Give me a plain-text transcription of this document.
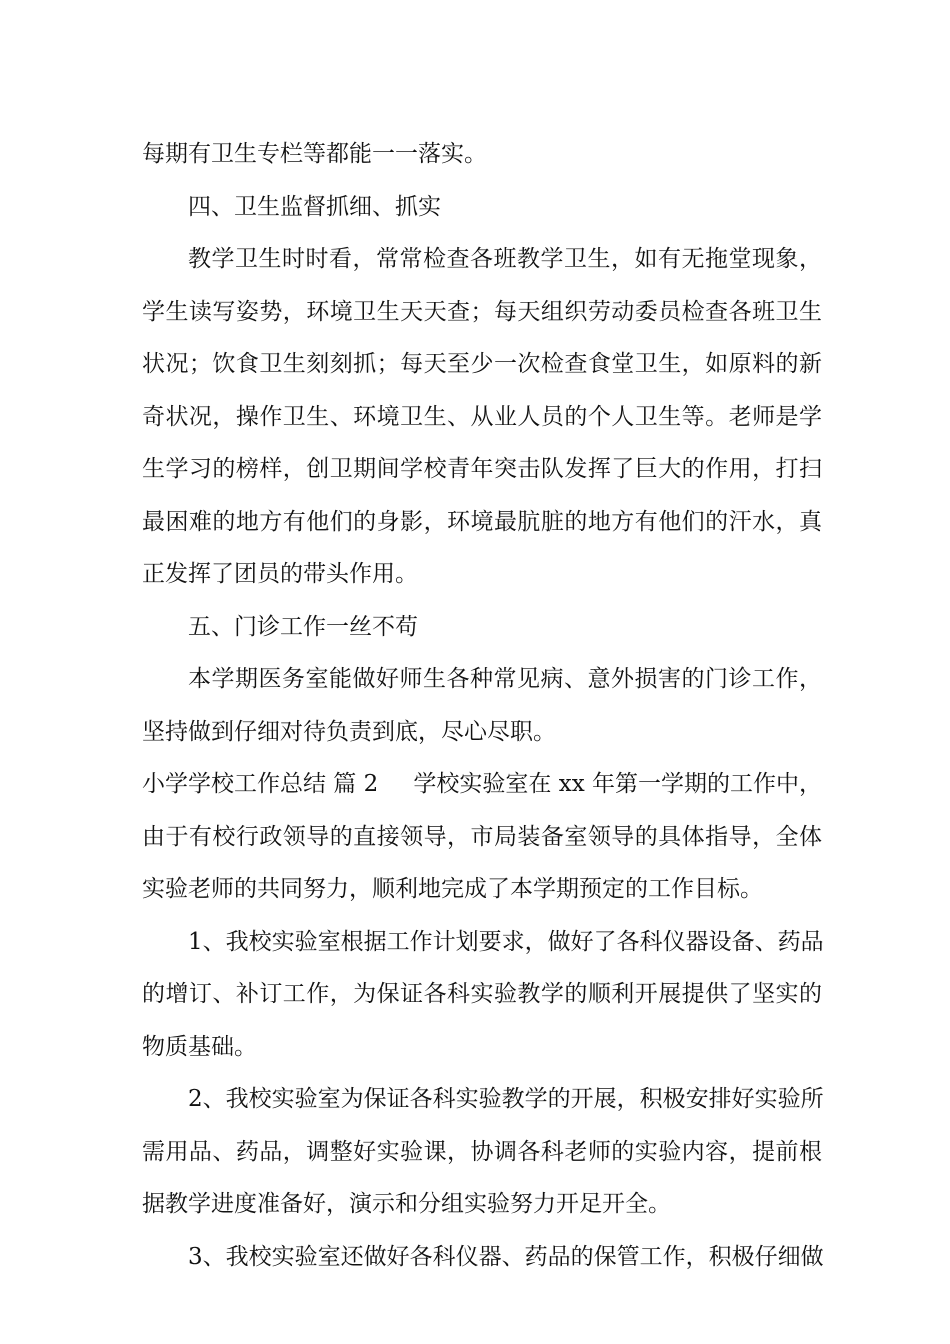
每期有卫生专栏等都能一一落实。
四、卫生监督抓细、抓实
教学卫生时时看，常常检查各班教学卫生，如有无拖堂现象，
学生读写姿势，环境卫生天天查；每天组织劳动委员检查各班卫生
状况；饮食卫生刻刻抓；每天至少一次检查食堂卫生，如原料的新
奇状况，操作卫生、环境卫生、从业人员的个人卫生等。老师是学
生学习的榜样，创卫期间学校青年突击队发挥了巨大的作用，打扫
最困难的地方有他们的身影，环境最肮脏的地方有他们的汗水，真
正发挥了团员的带头作用。
五、门诊工作一丝不苟
本学期医务室能做好师生各种常见病、意外损害的门诊工作，
坚持做到仔细对待负责到底，尽心尽职。
小学学校工作总结 篇 2 学校实验室在 xx 年第一学期的工作中，
由于有校行政领导的直接领导，市局装备室领导的具体指导，全体
实验老师的共同努力，顺利地完成了本学期预定的工作目标。
1、我校实验室根据工作计划要求，做好了各科仪器设备、药品
的增订、补订工作，为保证各科实验教学的顺利开展提供了坚实的
物质基础。
2、我校实验室为保证各科实验教学的开展，积极安排好实验所
需用品、药品，调整好实验课，协调各科老师的实验内容，提前根
据教学进度准备好，演示和分组实验努力开足开全。
3、我校实验室还做好各科仪器、药品的保管工作，积极仔细做
